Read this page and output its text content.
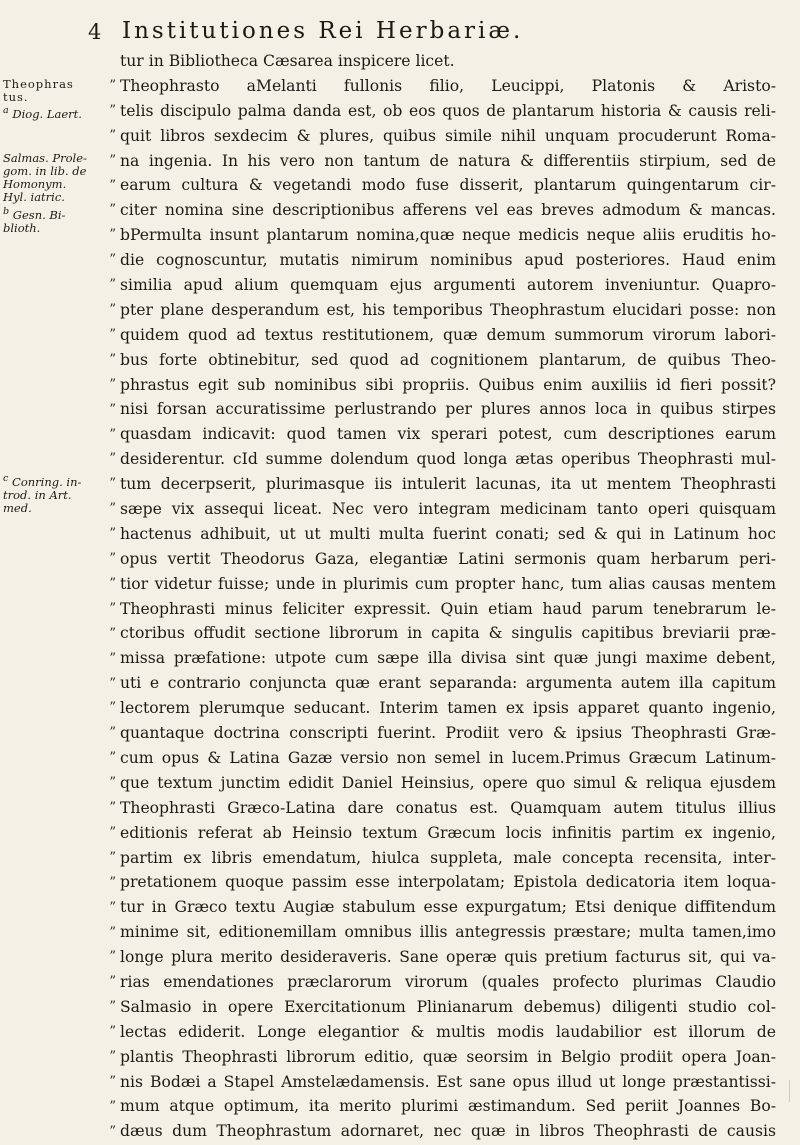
4 Institutiones Rei Herbariæ.
Theophras tus.
$^a$ Diog. Laert.
Salmas. Prole-gom. in lib. de Homonym. Hyl. iatric.
$^b$ Gesn. Bi-blioth.
$^c$ Conring. in-trod. in Art. med.
”
”
”
”
”
”
”
”
”
”
”
”
”
”
”
”
”
”
”
”
”
”
”
”
”
”
”
”
”
”
”
”
”
”
”
”
”
”
”
”
”
”
”
tur in Bibliotheca Cæsarea inspicere licet.
Theophrasto aMelanti fullonis filio, Leucippi, Platonis & Aristo-
telis discipulo palma danda est, ob eos quos de plantarum historia & causis reli-
quit libros sexdecim & plures, quibus simile nihil unquam procuderunt Roma-
na ingenia. In his vero non tantum de natura & differentiis stirpium, sed de
earum cultura & vegetandi modo fuse disserit, plantarum quingentarum cir-
citer nomina sine descriptionibus afferens vel eas breves admodum & mancas.
bPermulta insunt plantarum nomina,quæ neque medicis neque aliis eruditis ho-
die cognoscuntur, mutatis nimirum nominibus apud posteriores. Haud enim
similia apud alium quemquam ejus argumenti autorem inveniuntur. Quapro-
pter plane desperandum est, his temporibus Theophrastum elucidari posse: non
quidem quod ad textus restitutionem, quæ demum summorum virorum labori-
bus forte obtinebitur, sed quod ad cognitionem plantarum, de quibus Theo-
phrastus egit sub nominibus sibi propriis. Quibus enim auxiliis id fieri possit?
nisi forsan accuratissime perlustrando per plures annos loca in quibus stirpes
quasdam indicavit: quod tamen vix sperari potest, cum descriptiones earum
desiderentur. cId summe dolendum quod longa ætas operibus Theophrasti mul-
tum decerpserit, plurimasque iis intulerit lacunas, ita ut mentem Theophrasti
sæpe vix assequi liceat. Nec vero integram medicinam tanto operi quisquam
hactenus adhibuit, ut ut multi multa fuerint conati; sed & qui in Latinum hoc
opus vertit Theodorus Gaza, elegantiæ Latini sermonis quam herbarum peri-
tior videtur fuisse; unde in plurimis cum propter hanc, tum alias causas mentem
Theophrasti minus feliciter expressit. Quin etiam haud parum tenebrarum le-
ctoribus offudit sectione librorum in capita & singulis capitibus breviarii præ-
missa præfatione: utpote cum sæpe illa divisa sint quæ jungi maxime debent,
uti e contrario conjuncta quæ erant separanda: argumenta autem illa capitum
lectorem plerumque seducant. Interim tamen ex ipsis apparet quanto ingenio,
quantaque doctrina conscripti fuerint. Prodiit vero & ipsius Theophrasti Græ-
cum opus & Latina Gazæ versio non semel in lucem.Primus Græcum Latinum-
que textum junctim edidit Daniel Heinsius, opere quo simul & reliqua ejusdem
Theophrasti Græco-Latina dare conatus est. Quamquam autem titulus illius
editionis referat ab Heinsio textum Græcum locis infinitis partim ex ingenio,
partim ex libris emendatum, hiulca suppleta, male concepta recensita, inter-
pretationem quoque passim esse interpolatam; Epistola dedicatoria item loqua-
tur in Græco textu Augiæ stabulum esse expurgatum; Etsi denique diffitendum
minime sit, editionemillam omnibus illis antegressis præstare; multa tamen,imo
longe plura merito desideraveris. Sane operæ quis pretium facturus sit, qui va-
rias emendationes præclarorum virorum (quales profecto plurimas Claudio
Salmasio in opere Exercitationum Plinianarum debemus) diligenti studio col-
lectas ediderit. Longe elegantior & multis modis laudabilior est illorum de
plantis Theophrasti librorum editio, quæ seorsim in Belgio prodiit opera Joan-
nis Bodæi a Stapel Amstelædamensis. Est sane opus illud ut longe præstantissi-
mum atque optimum, ita merito plurimi æstimandum. Sed periit Joannes Bo-
dæus dum Theophrastum adornaret, nec quæ in libros Theophrasti de causis
